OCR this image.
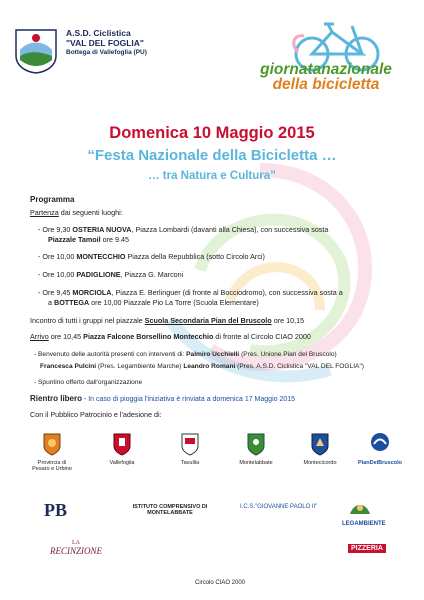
A.S.D. Ciclistica
"VAL DEL FOGLIA"
Bottega di Vallefoglia (PU)
giornatanazionale
della bicicletta
Domenica 10 Maggio 2015
“Festa Nazionale della Bicicletta …
… tra Natura e Cultura”
Programma
Partenza dai seguenti luoghi:
- Ore 9,30 OSTERIA NUOVA, Piazza Lombardi (davanti alla Chiesa), con successiva sosta
Piazzale Tamoil ore 9.45
- Ore 10,00 MONTECCHIO Piazza della Repubblica (sotto Circolo Arci)
- Ore 10,00 PADIGLIONE, Piazza G. Marconi
- Ore 9,45 MORCIOLA, Piazza E. Berlinguer (di fronte al Bocciodromo), con successiva sosta a
a BOTTEGA ore 10,00 Piazzale Pio La Torre (Scuola Elementare)
Incontro di tutti i gruppi nel piazzale Scuola Secondaria Pian del Bruscolo ore 10,15
Arrivo ore 10,45 Piazza Falcone Borsellino Montecchio di fronte al Circolo CIAO 2000
- Benvenuto delle autorità presenti con interventi di: Palmiro Ucchielli (Pres. Unione Pian del Bruscolo)
Francesca Pulcini (Pres. Legambiente Marche) Leandro Romani (Pres. A.S.D. Ciclistica "VAL DEL FOGLIA")
- Spuntino offerto dall'organizzazione
Rientro libero - In caso di pioggia l'iniziativa è rinviata a domenica 17 Maggio 2015
Con il Pubblico Patrocinio e l'adesione di:
Provincia di
Pesaro e Urbino
Vallefoglia	Tavullia	Montelabbate	Montecicordo	PianDelBruscolo
PB	ISTITUTO COMPRENSIVO DI
MONTELABBATE
I.C.S."GIOVANNE PAOLO II"
LEGAMBIENTE
LA
RECINZIONE
Circolo CIAO 2000
PIZZERIA
